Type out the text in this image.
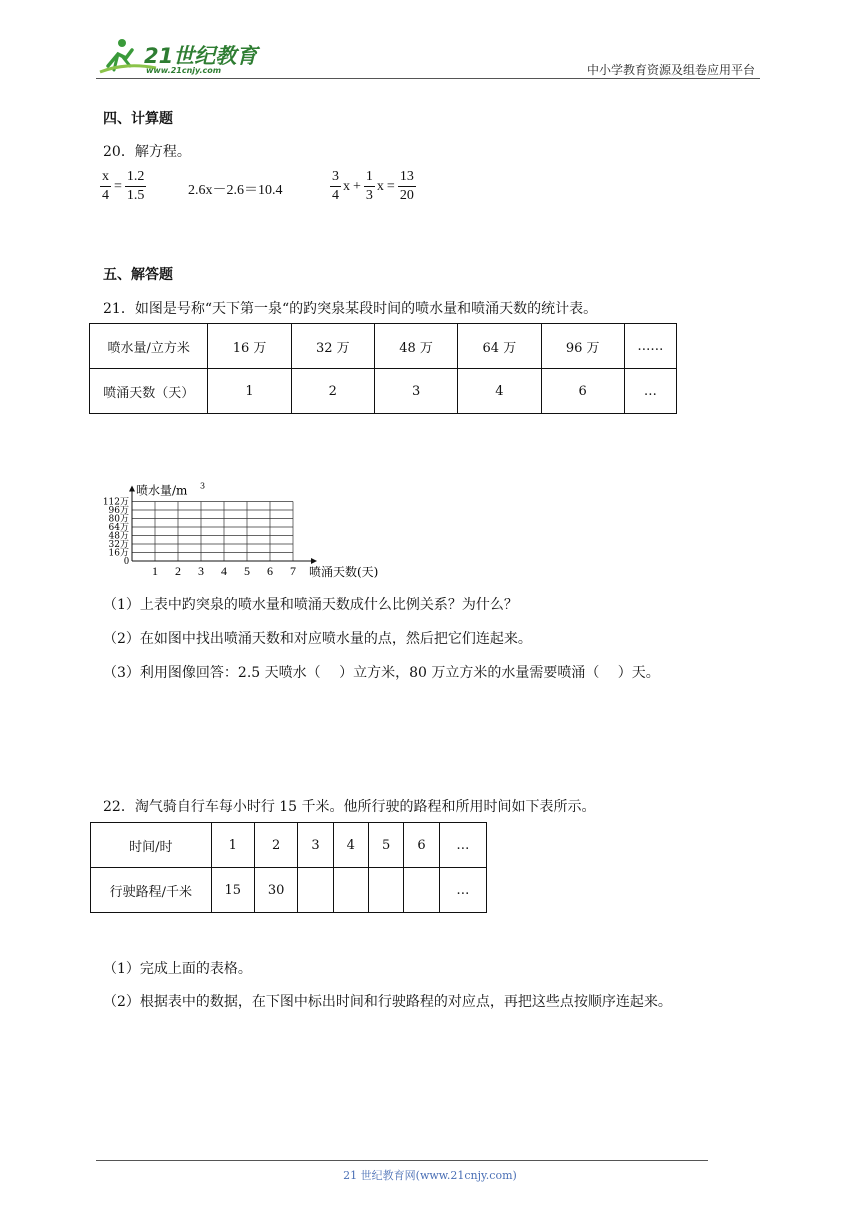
21世纪教育
www.21cnjy.com	中小学教育资源及组卷应用平台
四、计算题
20．解方程。
$\frac{x}{4} = \frac{1.2}{1.5}$	2.6x－2.6＝10.4	$\frac{3}{4}$ $x + \frac{1}{3}$ $x = \frac{13}{20}$
五、解答题
21．如图是号称“天下第一泉“的趵突泉某段时间的喷水量和喷涌天数的统计表。
喷水量/立方米	16 万	32 万	48 万	64 万	96 万	……
喷涌天数（天）	1	2	3	4	6	…
1 2 3 4 5 6 7
16万
32万
48万
64万
80万
96万
112万
0
喷水量/m 3
喷涌天数(天)
（1）上表中趵突泉的喷水量和喷涌天数成什么比例关系？为什么？
（2）在如图中找出喷涌天数和对应喷水量的点，然后把它们连起来。
（3）利用图像回答：2.5 天喷水（　 ）立方米，80 万立方米的水量需要喷涌（　 ）天。
22．淘气骑自行车每小时行 15 千米。他所行驶的路程和所用时间如下表所示。
时间/时	1	2	3	4	5	6	…
行驶路程/千米	15	30					…
（1）完成上面的表格。
（2）根据表中的数据，在下图中标出时间和行驶路程的对应点，再把这些点按顺序连起来。
21 世纪教育网(www.21cnjy.com)
